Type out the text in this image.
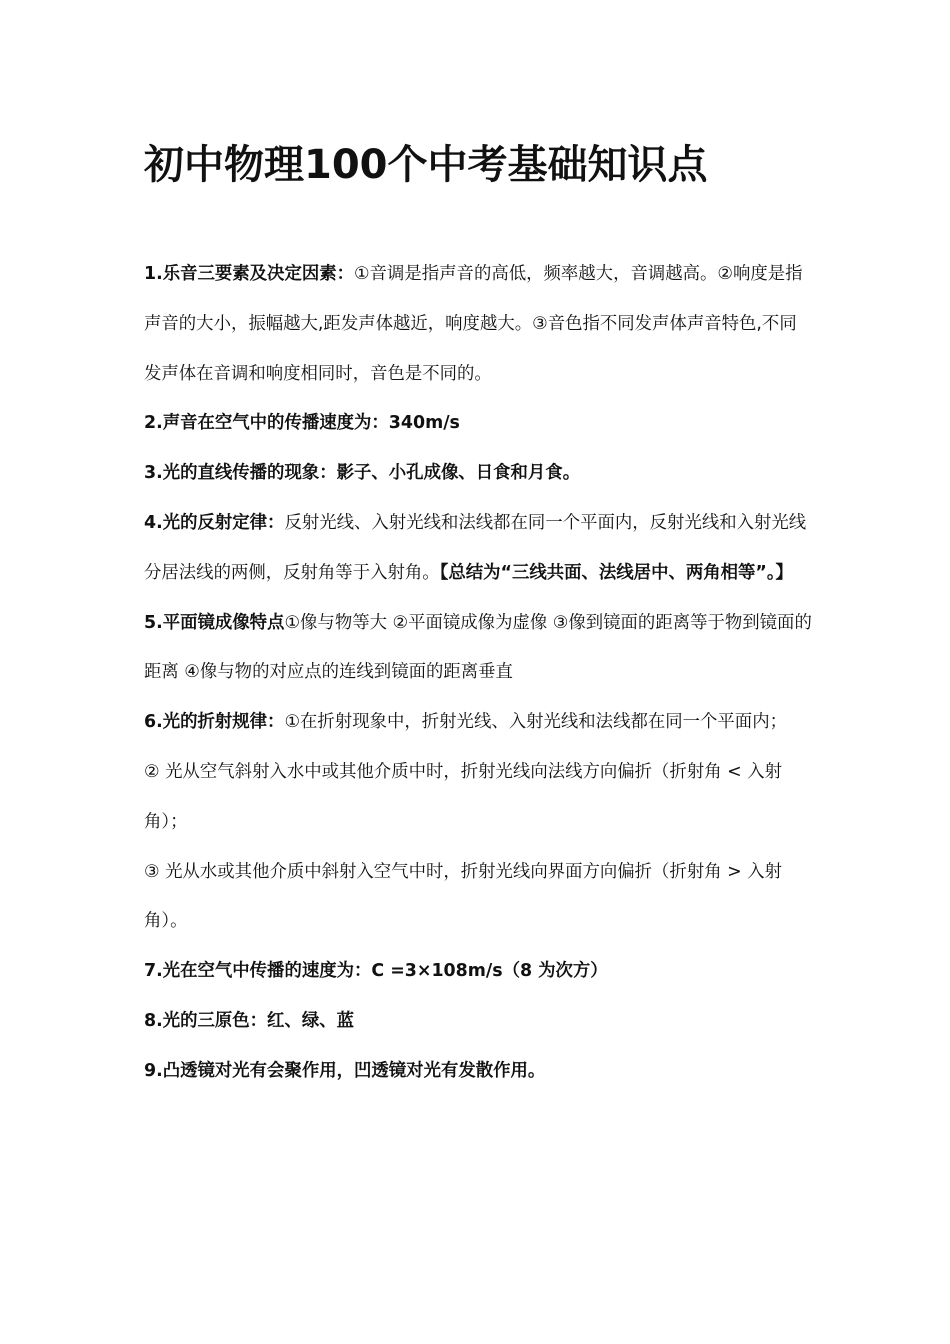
初中物理100个中考基础知识点

1.乐音三要素及决定因素：①音调是指声音的高低，频率越大，音调越高。②响度是指声音的大小，振幅越大,距发声体越近，响度越大。③音色指不同发声体声音特色,不同发声体在音调和响度相同时，音色是不同的。

2.声音在空气中的传播速度为：340m/s

3.光的直线传播的现象：影子、小孔成像、日食和月食。

4.光的反射定律：反射光线、入射光线和法线都在同一个平面内，反射光线和入射光线分居法线的两侧，反射角等于入射角。【总结为“三线共面、法线居中、两角相等”。】

5.平面镜成像特点①像与物等大 ②平面镜成像为虚像 ③像到镜面的距离等于物到镜面的距离 ④像与物的对应点的连线到镜面的距离垂直

6.光的折射规律：①在折射现象中，折射光线、入射光线和法线都在同一个平面内；

② 光从空气斜射入水中或其他介质中时，折射光线向法线方向偏折（折射角 < 入射角）；

③ 光从水或其他介质中斜射入空气中时，折射光线向界面方向偏折（折射角 > 入射角）。

7.光在空气中传播的速度为：C =3×108m/s（8 为次方）

8.光的三原色：红、绿、蓝

9.凸透镜对光有会聚作用，凹透镜对光有发散作用。
